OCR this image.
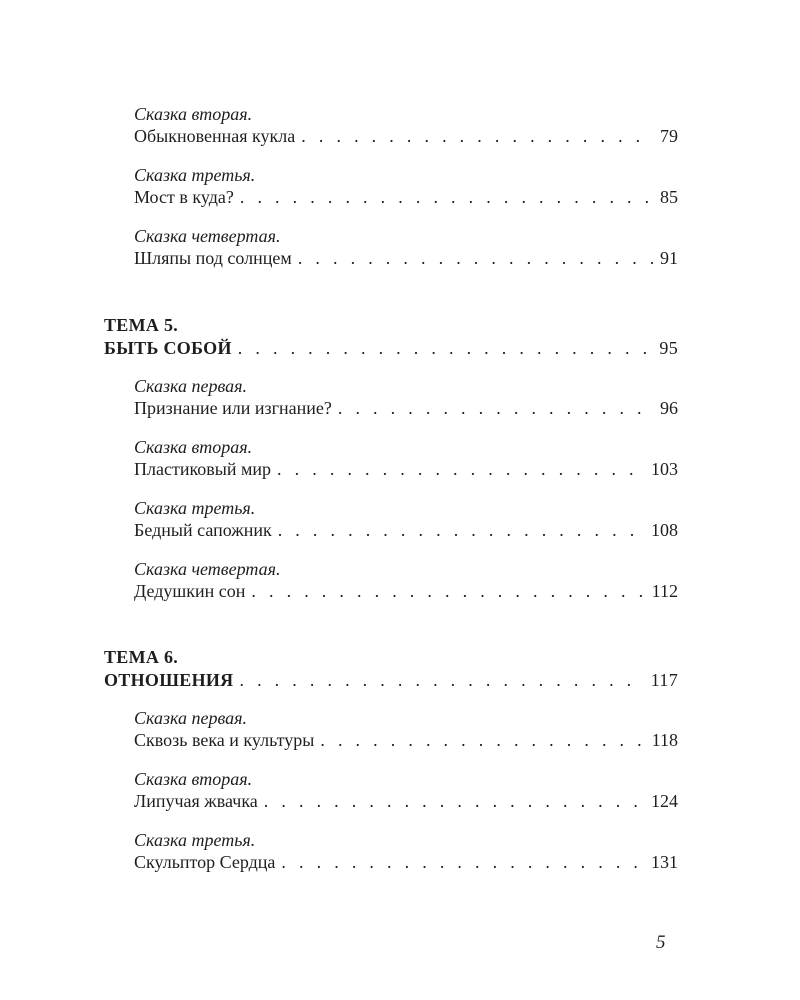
Сказка вторая.
Обыкновенная кукла . . .	79
Сказка третья.
Мост в куда? . . .	85
Сказка четвертая.
Шляпы под солнцем . . .	91
ТЕМА 5.
БЫТЬ СОБОЙ . . .	95
Сказка первая.
Признание или изгнание? . . .	96
Сказка вторая.
Пластиковый мир . . .	103
Сказка третья.
Бедный сапожник . . .	108
Сказка четвертая.
Дедушкин сон . . .	112
ТЕМА 6.
ОТНОШЕНИЯ . . .	117
Сказка первая.
Сквозь века и культуры . . .	118
Сказка вторая.
Липучая жвачка . . .	124
Сказка третья.
Скульптор Сердца . . .	131
5
